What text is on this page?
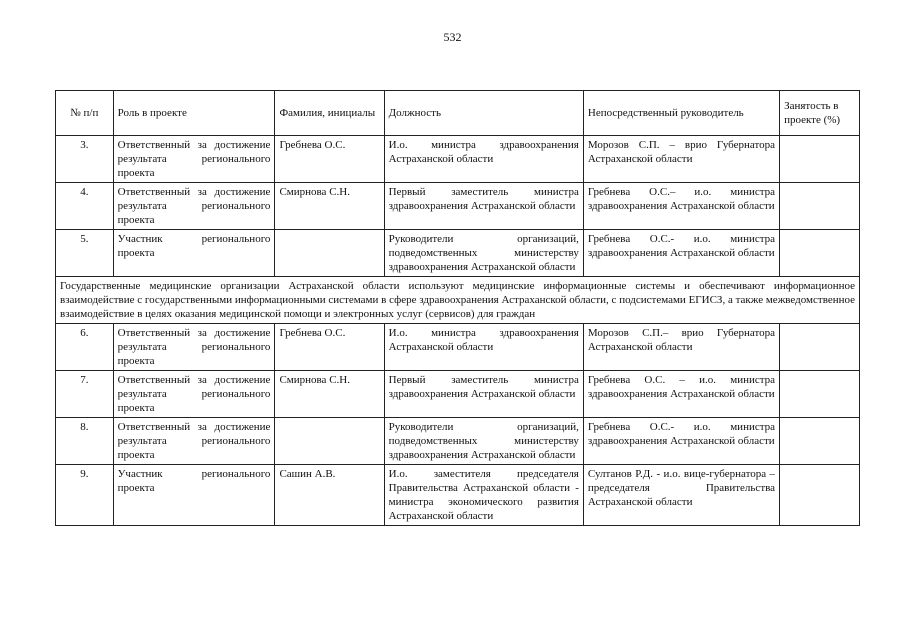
532
№ п/п	Роль в проекте	Фамилия, инициалы	Должность	Непосредственный руководитель	Занятость в проекте (%)
3.	Ответственный за достижение результата регионального проекта	Гребнева О.С.	И.о. министра здравоохранения Астраханской области	Морозов С.П. – врио Губернатора Астраханской области	
4.	Ответственный за достижение результата регионального проекта	Смирнова С.Н.	Первый заместитель министра здравоохранения Астраханской области	Гребнева О.С.– и.о. министра здравоохранения Астраханской области	
5.	Участник регионального проекта		Руководители организаций, подведомственных министерству здравоохранения Астраханской области	Гребнева О.С.- и.о. министра здравоохранения Астраханской области	
Государственные медицинские организации Астраханской области используют медицинские информационные системы и обеспечивают информационное взаимодействие с государственными информационными системами в сфере здравоохранения Астраханской области, с подсистемами ЕГИСЗ, а также межведомственное взаимодействие в целях оказания медицинской помощи и электронных услуг (сервисов) для граждан					
6.	Ответственный за достижение результата регионального проекта	Гребнева О.С.	И.о. министра здравоохранения Астраханской области	Морозов С.П.– врио Губернатора Астраханской области	
7.	Ответственный за достижение результата регионального проекта	Смирнова С.Н.	Первый заместитель министра здравоохранения Астраханской области	Гребнева О.С. – и.о. министра здравоохранения Астраханской области	
8.	Ответственный за достижение результата регионального проекта		Руководители организаций, подведомственных министерству здравоохранения Астраханской области	Гребнева О.С.- и.о. министра здравоохранения Астраханской области	
9.	Участник регионального проекта	Сашин А.В.	И.о. заместителя председателя Правительства Астраханской области - министра экономического развития Астраханской области	Султанов Р.Д. - и.о. вице-губернатора – председателя Правительства Астраханской области	
